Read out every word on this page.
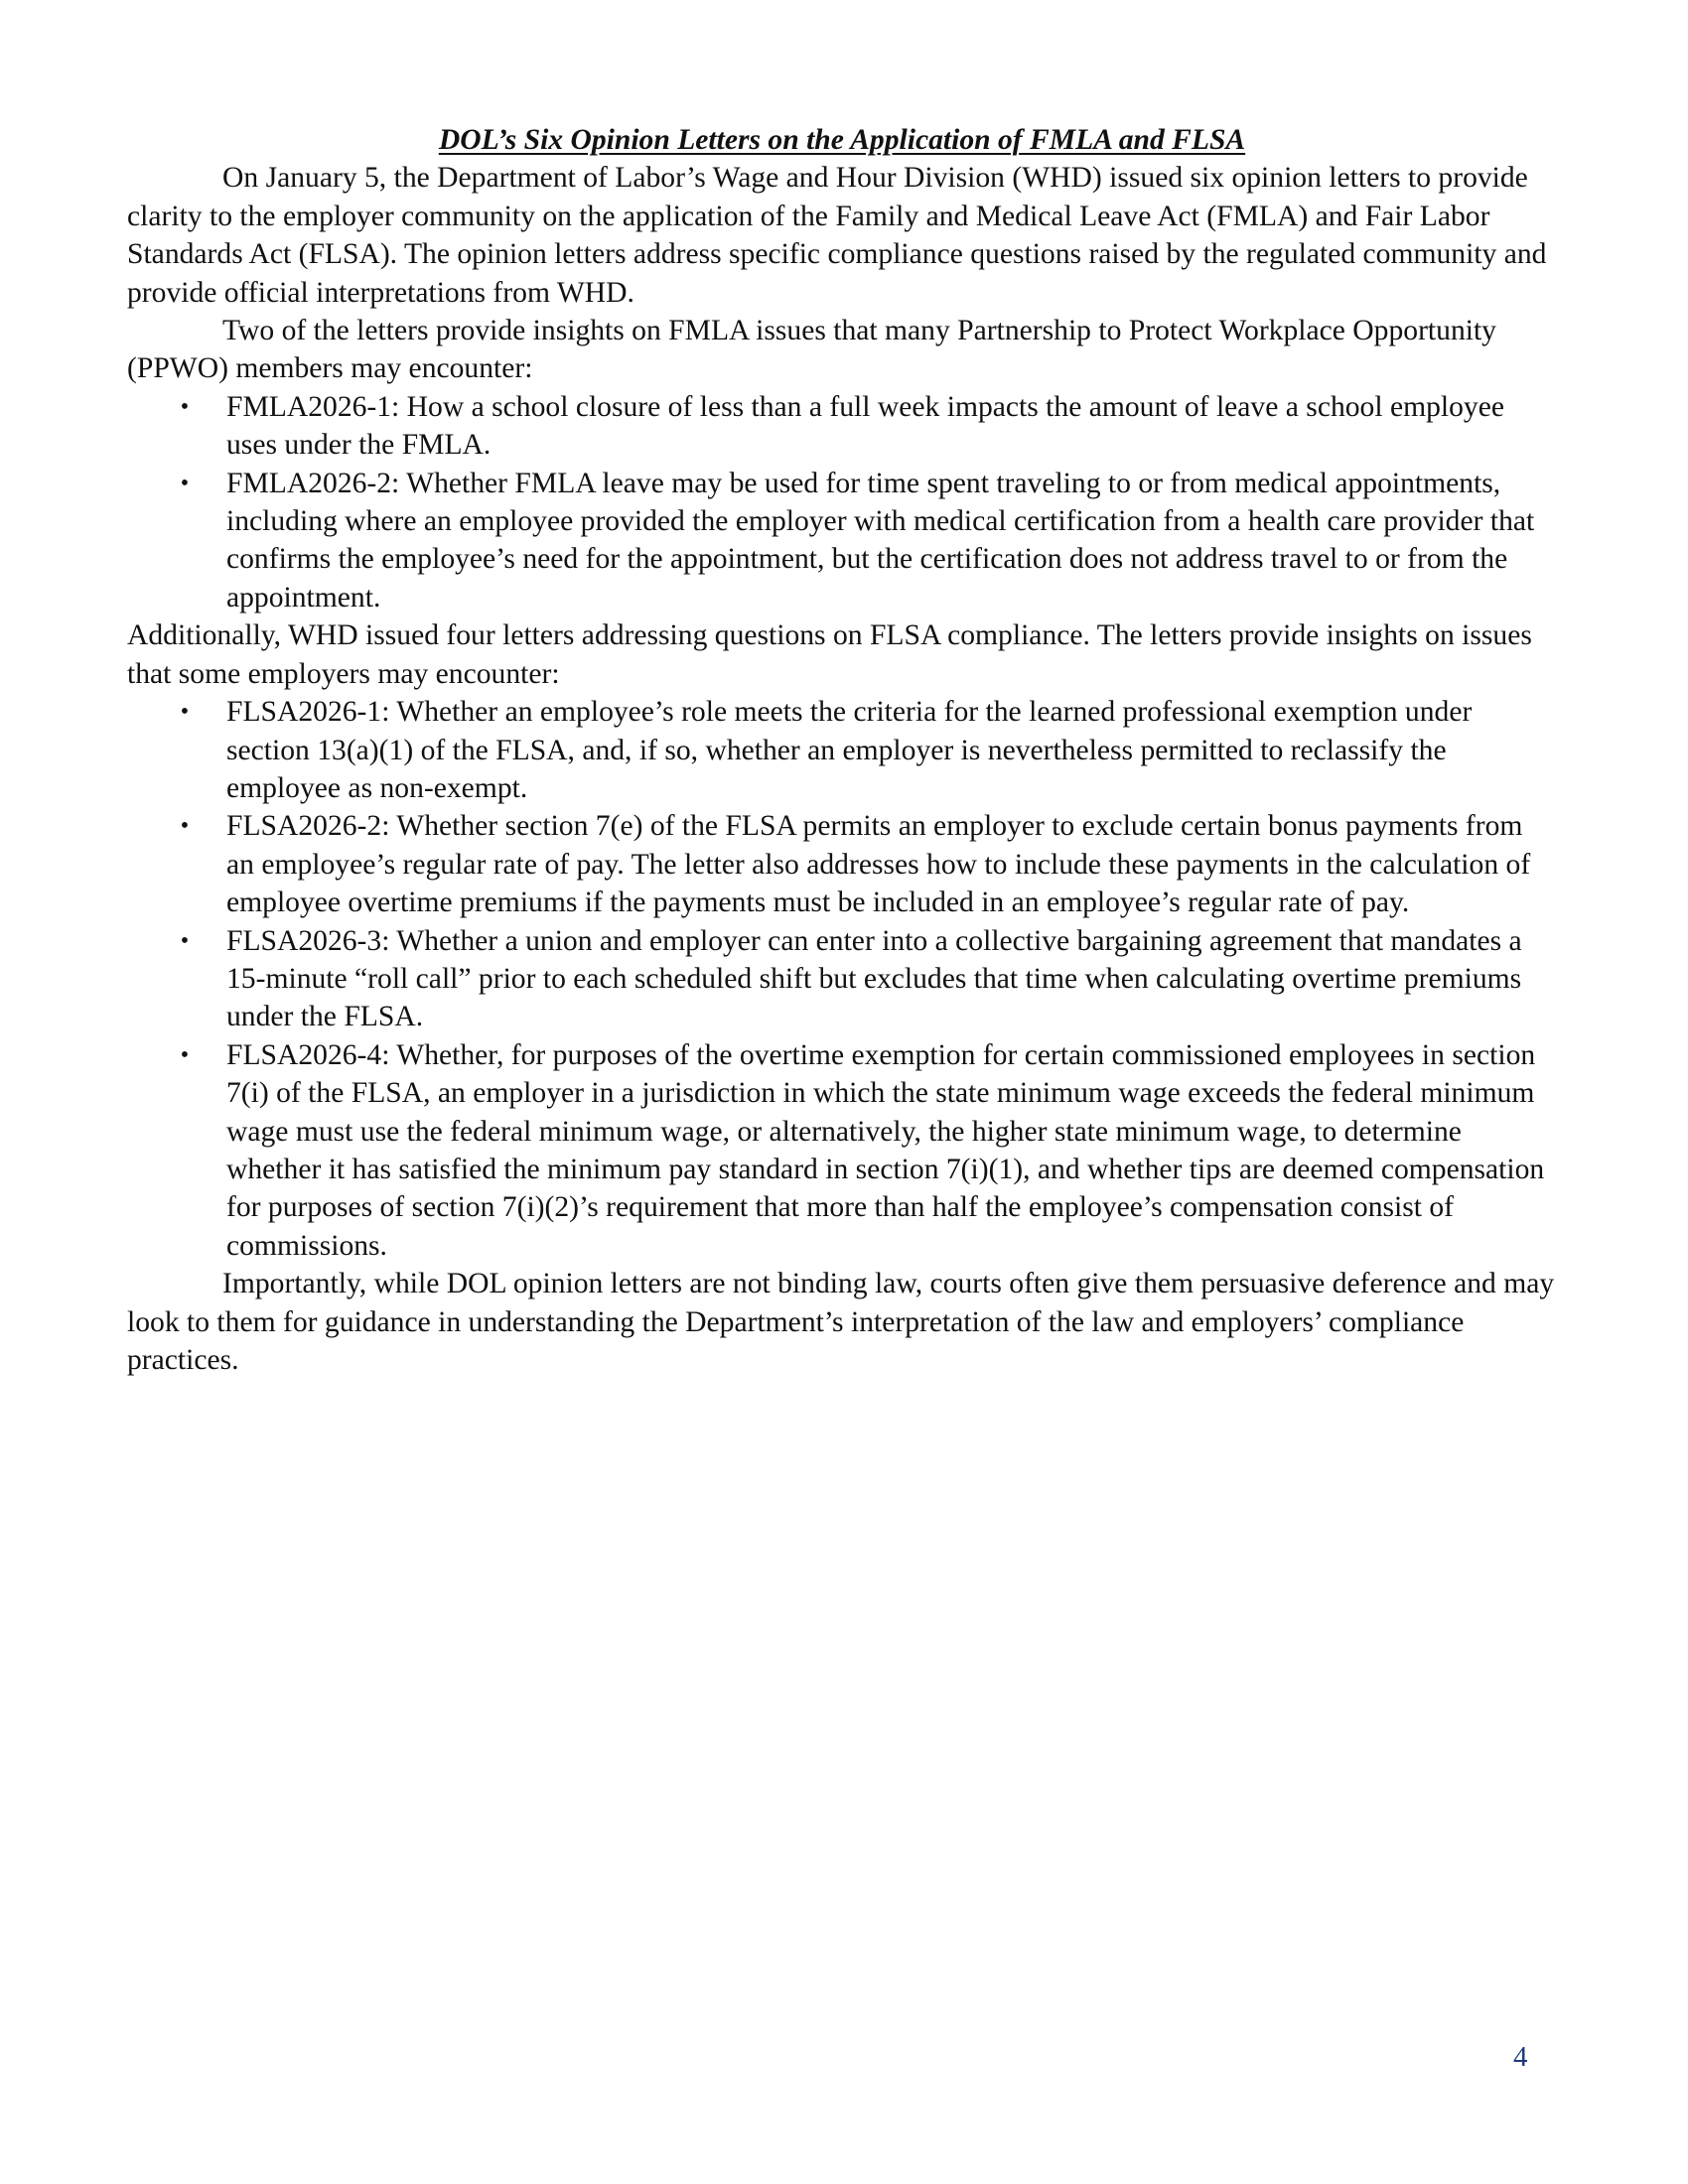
DOL’s Six Opinion Letters on the Application of FMLA and FLSA

On January 5, the Department of Labor’s Wage and Hour Division (WHD) issued six opinion letters to provide clarity to the employer community on the application of the Family and Medical Leave Act (FMLA) and Fair Labor Standards Act (FLSA). The opinion letters address specific compliance questions raised by the regulated community and provide official interpretations from WHD.

Two of the letters provide insights on FMLA issues that many Partnership to Protect Workplace Opportunity (PPWO) members may encounter:

• FMLA2026-1: How a school closure of less than a full week impacts the amount of leave a school employee uses under the FMLA.
• FMLA2026-2: Whether FMLA leave may be used for time spent traveling to or from medical appointments, including where an employee provided the employer with medical certification from a health care provider that confirms the employee’s need for the appointment, but the certification does not address travel to or from the appointment.

Additionally, WHD issued four letters addressing questions on FLSA compliance. The letters provide insights on issues that some employers may encounter:

• FLSA2026-1: Whether an employee’s role meets the criteria for the learned professional exemption under section 13(a)(1) of the FLSA, and, if so, whether an employer is nevertheless permitted to reclassify the employee as non-exempt.
• FLSA2026-2: Whether section 7(e) of the FLSA permits an employer to exclude certain bonus payments from an employee’s regular rate of pay. The letter also addresses how to include these payments in the calculation of employee overtime premiums if the payments must be included in an employee’s regular rate of pay.
• FLSA2026-3: Whether a union and employer can enter into a collective bargaining agreement that mandates a 15-minute “roll call” prior to each scheduled shift but excludes that time when calculating overtime premiums under the FLSA.
• FLSA2026-4: Whether, for purposes of the overtime exemption for certain commissioned employees in section 7(i) of the FLSA, an employer in a jurisdiction in which the state minimum wage exceeds the federal minimum wage must use the federal minimum wage, or alternatively, the higher state minimum wage, to determine whether it has satisfied the minimum pay standard in section 7(i)(1), and whether tips are deemed compensation for purposes of section 7(i)(2)’s requirement that more than half the employee’s compensation consist of commissions.

Importantly, while DOL opinion letters are not binding law, courts often give them persuasive deference and may look to them for guidance in understanding the Department’s interpretation of the law and employers’ compliance practices.

4
